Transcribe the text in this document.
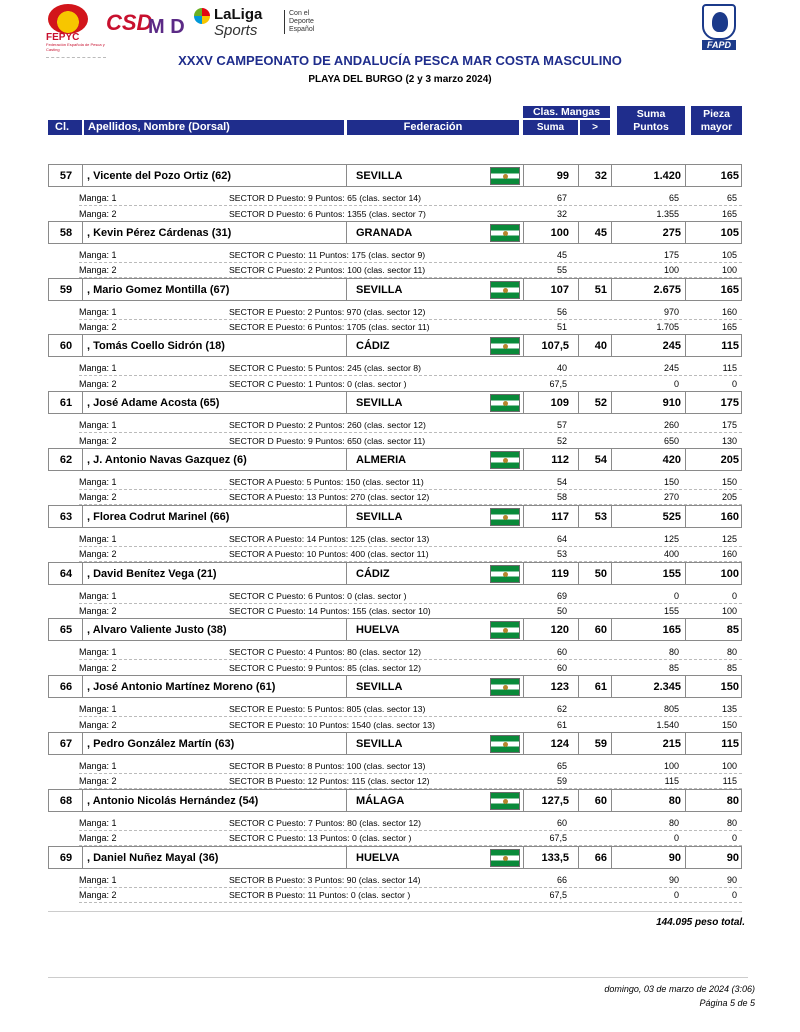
FEPYC
Federación Española de Pesca y Casting
CSD
M D
LaLiga
Sports
Con el Deporte Español
FAPD
XXXV CAMPEONATO DE ANDALUCÍA PESCA MAR COSTA MASCULINO
PLAYA DEL BURGO (2 y 3 marzo 2024)
Cl.	Apellidos, Nombre (Dorsal)	Federación
Clas. Mangas
Suma	>
Suma
Puntos
Pieza
mayor
57	, Vicente del Pozo Ortiz (62)	SEVILLA	99	32	1.420	165
Manga: 1	SECTOR D Puesto: 9 Puntos: 65 (clas. sector 14)	67	65	65
Manga: 2	SECTOR D Puesto: 6 Puntos: 1355 (clas. sector 7)	32	1.355	165
58	, Kevin Pérez Cárdenas (31)	GRANADA	100	45	275	105
Manga: 1	SECTOR C Puesto: 11 Puntos: 175 (clas. sector 9)	45	175	105
Manga: 2	SECTOR C Puesto: 2 Puntos: 100 (clas. sector 11)	55	100	100
59	, Mario Gomez Montilla (67)	SEVILLA	107	51	2.675	165
Manga: 1	SECTOR E Puesto: 2 Puntos: 970 (clas. sector 12)	56	970	160
Manga: 2	SECTOR E Puesto: 6 Puntos: 1705 (clas. sector 11)	51	1.705	165
60	, Tomás Coello Sidrón (18)	CÁDIZ	107,5	40	245	115
Manga: 1	SECTOR C Puesto: 5 Puntos: 245 (clas. sector 8)	40	245	115
Manga: 2	SECTOR C Puesto: 1 Puntos: 0 (clas. sector )	67,5	0	0
61	, José Adame Acosta (65)	SEVILLA	109	52	910	175
Manga: 1	SECTOR D Puesto: 2 Puntos: 260 (clas. sector 12)	57	260	175
Manga: 2	SECTOR D Puesto: 9 Puntos: 650 (clas. sector 11)	52	650	130
62	, J. Antonio Navas Gazquez (6)	ALMERIA	112	54	420	205
Manga: 1	SECTOR A Puesto: 5 Puntos: 150 (clas. sector 11)	54	150	150
Manga: 2	SECTOR A Puesto: 13 Puntos: 270 (clas. sector 12)	58	270	205
63	, Florea Codrut Marinel (66)	SEVILLA	117	53	525	160
Manga: 1	SECTOR A Puesto: 14 Puntos: 125 (clas. sector 13)	64	125	125
Manga: 2	SECTOR A Puesto: 10 Puntos: 400 (clas. sector 11)	53	400	160
64	, David Benítez Vega (21)	CÁDIZ	119	50	155	100
Manga: 1	SECTOR C Puesto: 6 Puntos: 0 (clas. sector )	69	0	0
Manga: 2	SECTOR C Puesto: 14 Puntos: 155 (clas. sector 10)	50	155	100
65	, Alvaro Valiente Justo (38)	HUELVA	120	60	165	85
Manga: 1	SECTOR C Puesto: 4 Puntos: 80 (clas. sector 12)	60	80	80
Manga: 2	SECTOR C Puesto: 9 Puntos: 85 (clas. sector 12)	60	85	85
66	, José Antonio Martínez Moreno (61)	SEVILLA	123	61	2.345	150
Manga: 1	SECTOR E Puesto: 5 Puntos: 805 (clas. sector 13)	62	805	135
Manga: 2	SECTOR E Puesto: 10 Puntos: 1540 (clas. sector 13)	61	1.540	150
67	, Pedro González Martín (63)	SEVILLA	124	59	215	115
Manga: 1	SECTOR B Puesto: 8 Puntos: 100 (clas. sector 13)	65	100	100
Manga: 2	SECTOR B Puesto: 12 Puntos: 115 (clas. sector 12)	59	115	115
68	, Antonio Nicolás Hernández (54)	MÁLAGA	127,5	60	80	80
Manga: 1	SECTOR C Puesto: 7 Puntos: 80 (clas. sector 12)	60	80	80
Manga: 2	SECTOR C Puesto: 13 Puntos: 0 (clas. sector )	67,5	0	0
69	, Daniel Nuñez Mayal (36)	HUELVA	133,5	66	90	90
Manga: 1	SECTOR B Puesto: 3 Puntos: 90 (clas. sector 14)	66	90	90
Manga: 2	SECTOR B Puesto: 11 Puntos: 0 (clas. sector )	67,5	0	0
144.095 peso total.
domingo, 03 de marzo de 2024 (3:06)
Página 5 de 5
